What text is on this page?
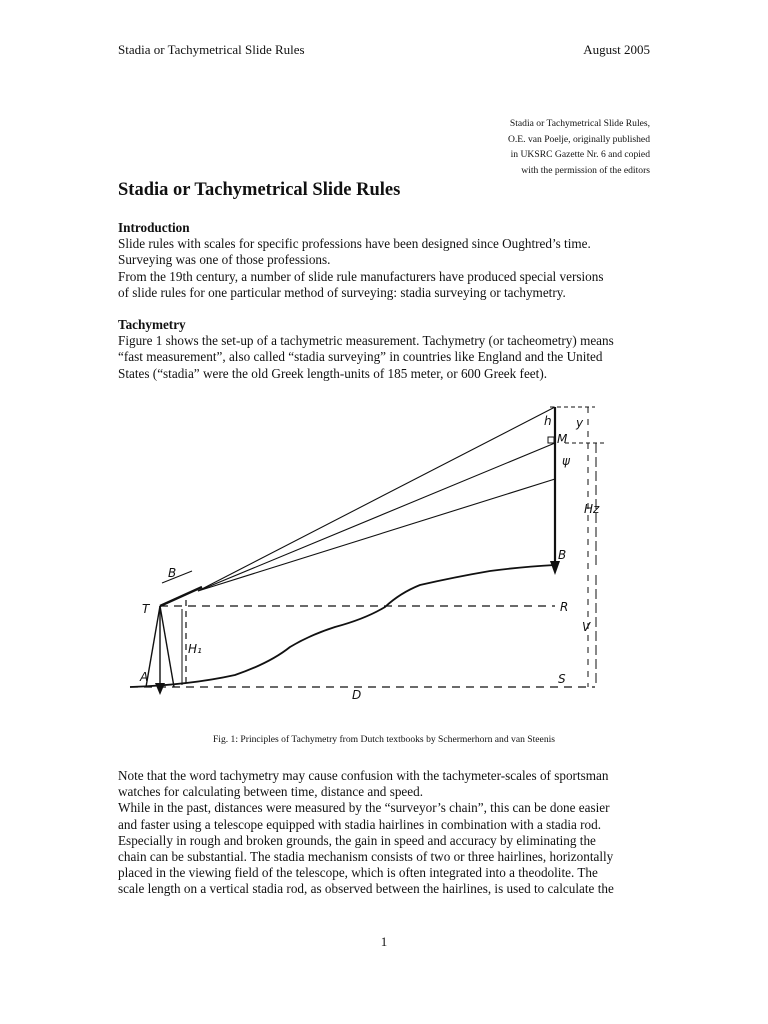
Stadia or Tachymetrical Slide Rules	August 2005
Stadia or Tachymetrical Slide Rules,
O.E. van Poelje, originally published
in UKSRC Gazette Nr. 6 and copied
with the permission of the editors
Stadia or Tachymetrical Slide Rules
Introduction

Slide rules with scales for specific professions have been designed since Oughtred’s time.

Surveying was one of those professions.

From the 19th century, a number of slide rule manufacturers have produced special versions

of slide rules for one particular method of surveying: stadia surveying or tachymetry.

Tachymetry

Figure 1 shows the set-up of a tachymetric measurement. Tachymetry (or tacheometry) means

“fast measurement”, also called “stadia surveying” in countries like England and the United

States (“stadia” were the old Greek length-units of 185 meter, or 600 Greek feet).

h
M
y
ψ
Hz
B
B
T	R
V
H₁
A	S
D
Fig. 1: Principles of Tachymetry from Dutch textbooks by Schermerhorn and van Steenis

Note that the word tachymetry may cause confusion with the tachymeter-scales of sportsman

watches for calculating between time, distance and speed.

While in the past, distances were measured by the “surveyor’s chain”, this can be done easier

and faster using a telescope equipped with stadia hairlines in combination with a stadia rod.

Especially in rough and broken grounds, the gain in speed and accuracy by eliminating the

chain can be substantial. The stadia mechanism consists of two or three hairlines, horizontally

placed in the viewing field of the telescope, which is often integrated into a theodolite. The

scale length on a vertical stadia rod, as observed between the hairlines, is used to calculate the

1
